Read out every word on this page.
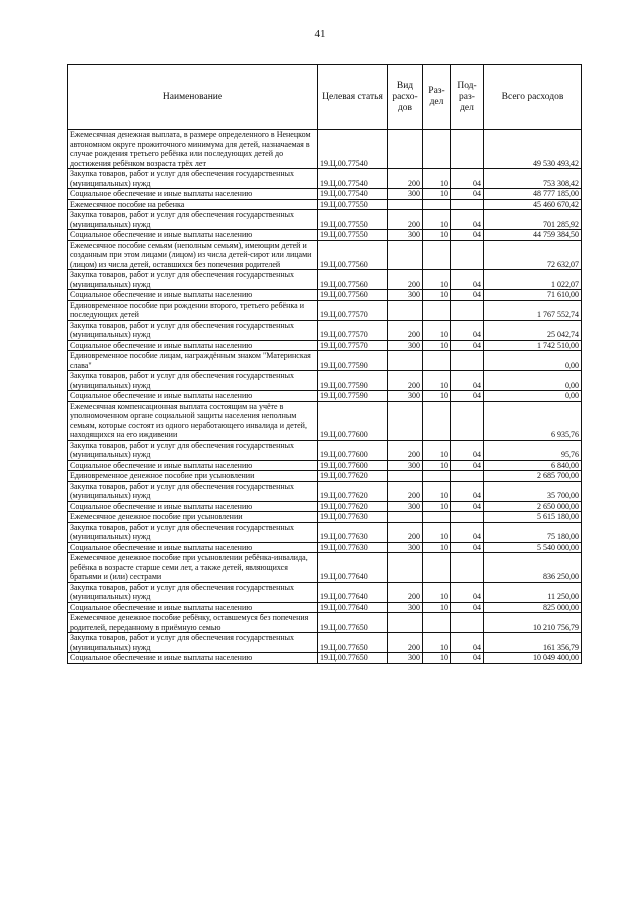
41
Наименование	Целевая статья	Вид расхо-дов	Раз-дел	Под-раз-дел	Всего расходов
Ежемесячная денежная выплата, в размере определенного в Ненецком автономном округе прожиточного минимума для детей, назначаемая в случае рождения третьего ребёнка или последующих детей до достижения ребёнком возраста трёх лет	19.Ц.00.77540				49 530 493,42
Закупка товаров, работ и услуг для обеспечения государственных (муниципальных) нужд	19.Ц.00.77540	200	10	04	753 308,42
Социальное обеспечение и иные выплаты населению	19.Ц.00.77540	300	10	04	48 777 185,00
Ежемесячное пособие на ребенка	19.Ц.00.77550				45 460 670,42
Закупка товаров, работ и услуг для обеспечения государственных (муниципальных) нужд	19.Ц.00.77550	200	10	04	701 285,92
Социальное обеспечение и иные выплаты населению	19.Ц.00.77550	300	10	04	44 759 384,50
Ежемесячное пособие семьям (неполным семьям), имеющим детей и созданным при этом лицами (лицом) из числа детей-сирот или лицами (лицом) из числа детей, оставшихся без попечения родителей	19.Ц.00.77560				72 632,07
Закупка товаров, работ и услуг для обеспечения государственных (муниципальных) нужд	19.Ц.00.77560	200	10	04	1 022,07
Социальное обеспечение и иные выплаты населению	19.Ц.00.77560	300	10	04	71 610,00
Единовременное пособие при рождении второго, третьего ребёнка и последующих детей	19.Ц.00.77570				1 767 552,74
Закупка товаров, работ и услуг для обеспечения государственных (муниципальных) нужд	19.Ц.00.77570	200	10	04	25 042,74
Социальное обеспечение и иные выплаты населению	19.Ц.00.77570	300	10	04	1 742 510,00
Единовременное пособие лицам, награждённым знаком "Материнская слава"	19.Ц.00.77590				0,00
Закупка товаров, работ и услуг для обеспечения государственных (муниципальных) нужд	19.Ц.00.77590	200	10	04	0,00
Социальное обеспечение и иные выплаты населению	19.Ц.00.77590	300	10	04	0,00
Ежемесячная компенсационная выплата состоящим на учёте в уполномоченном органе социальной защиты населения неполным семьям, которые состоят из одного неработающего инвалида и детей, находящихся на его иждивении	19.Ц.00.77600				6 935,76
Закупка товаров, работ и услуг для обеспечения государственных (муниципальных) нужд	19.Ц.00.77600	200	10	04	95,76
Социальное обеспечение и иные выплаты населению	19.Ц.00.77600	300	10	04	6 840,00
Единовременное денежное пособие при усыновлении	19.Ц.00.77620				2 685 700,00
Закупка товаров, работ и услуг для обеспечения государственных (муниципальных) нужд	19.Ц.00.77620	200	10	04	35 700,00
Социальное обеспечение и иные выплаты населению	19.Ц.00.77620	300	10	04	2 650 000,00
Ежемесячное денежное пособие при усыновлении	19.Ц.00.77630				5 615 180,00
Закупка товаров, работ и услуг для обеспечения государственных (муниципальных) нужд	19.Ц.00.77630	200	10	04	75 180,00
Социальное обеспечение и иные выплаты населению	19.Ц.00.77630	300	10	04	5 540 000,00
Ежемесячное денежное пособие при усыновлении ребёнка-инвалида, ребёнка в возрасте старше семи лет, а также детей, являющихся братьями и (или) сестрами	19.Ц.00.77640				836 250,00
Закупка товаров, работ и услуг для обеспечения государственных (муниципальных) нужд	19.Ц.00.77640	200	10	04	11 250,00
Социальное обеспечение и иные выплаты населению	19.Ц.00.77640	300	10	04	825 000,00
Ежемесячное денежное пособие ребёнку, оставшемуся без попечения родителей, переданному в приёмную семью	19.Ц.00.77650				10 210 756,79
Закупка товаров, работ и услуг для обеспечения государственных (муниципальных) нужд	19.Ц.00.77650	200	10	04	161 356,79
Социальное обеспечение и иные выплаты населению	19.Ц.00.77650	300	10	04	10 049 400,00
